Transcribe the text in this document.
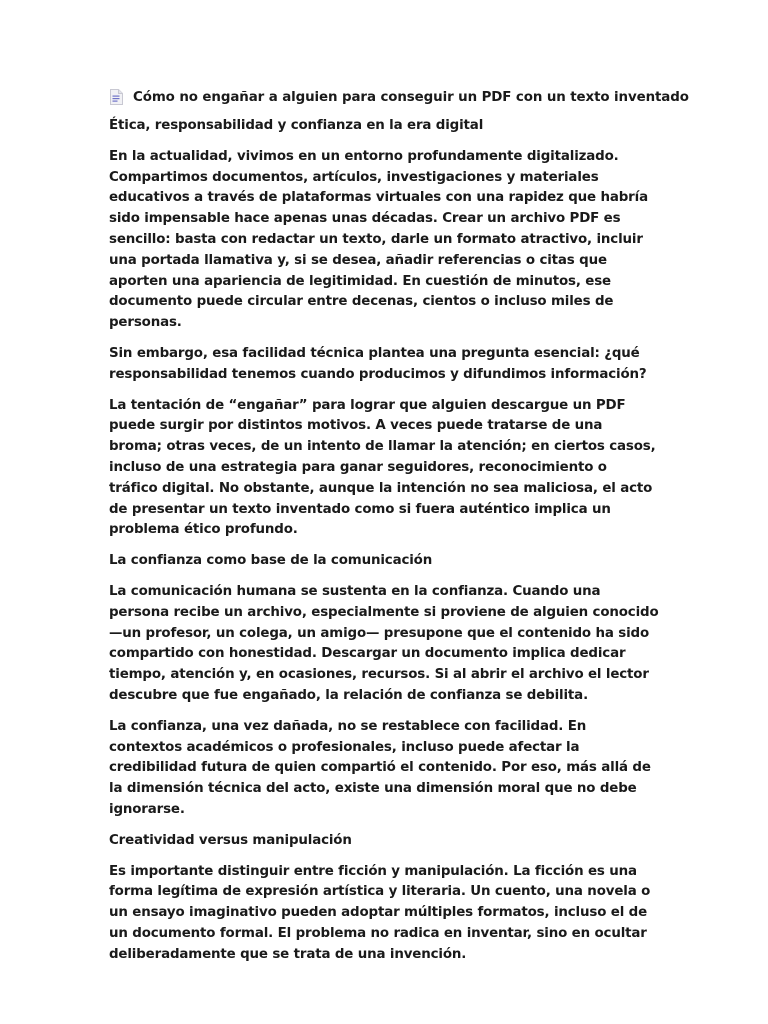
Cómo no engañar a alguien para conseguir un PDF con un texto inventado
Ética, responsabilidad y confianza en la era digital

En la actualidad, vivimos en un entorno profundamente digitalizado. Compartimos documentos, artículos, investigaciones y materiales educativos a través de plataformas virtuales con una rapidez que habría sido impensable hace apenas unas décadas. Crear un archivo PDF es sencillo: basta con redactar un texto, darle un formato atractivo, incluir una portada llamativa y, si se desea, añadir referencias o citas que aporten una apariencia de legitimidad. En cuestión de minutos, ese documento puede circular entre decenas, cientos o incluso miles de personas.

Sin embargo, esa facilidad técnica plantea una pregunta esencial: ¿qué responsabilidad tenemos cuando producimos y difundimos información?

La tentación de “engañar” para lograr que alguien descargue un PDF puede surgir por distintos motivos. A veces puede tratarse de una broma; otras veces, de un intento de llamar la atención; en ciertos casos, incluso de una estrategia para ganar seguidores, reconocimiento o tráfico digital. No obstante, aunque la intención no sea maliciosa, el acto de presentar un texto inventado como si fuera auténtico implica un problema ético profundo.

La confianza como base de la comunicación

La comunicación humana se sustenta en la confianza. Cuando una persona recibe un archivo, especialmente si proviene de alguien conocido —un profesor, un colega, un amigo— presupone que el contenido ha sido compartido con honestidad. Descargar un documento implica dedicar tiempo, atención y, en ocasiones, recursos. Si al abrir el archivo el lector descubre que fue engañado, la relación de confianza se debilita.

La confianza, una vez dañada, no se restablece con facilidad. En contextos académicos o profesionales, incluso puede afectar la credibilidad futura de quien compartió el contenido. Por eso, más allá de la dimensión técnica del acto, existe una dimensión moral que no debe ignorarse.

Creatividad versus manipulación

Es importante distinguir entre ficción y manipulación. La ficción es una forma legítima de expresión artística y literaria. Un cuento, una novela o un ensayo imaginativo pueden adoptar múltiples formatos, incluso el de un documento formal. El problema no radica en inventar, sino en ocultar deliberadamente que se trata de una invención.
